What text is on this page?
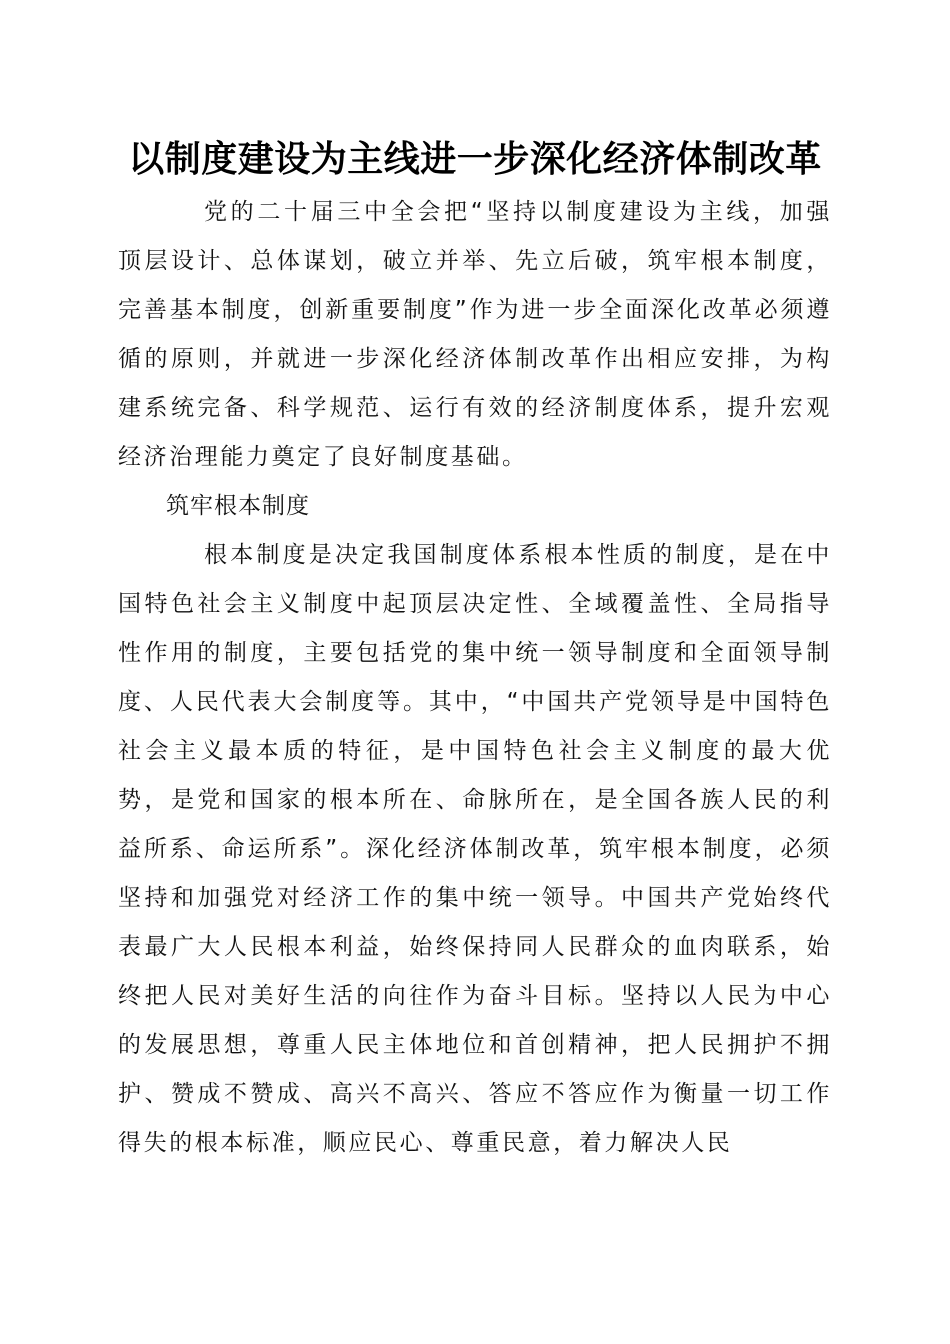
以制度建设为主线进一步深化经济体制改革

党的二十届三中全会把“坚持以制度建设为主线，加强顶层设计、总体谋划，破立并举、先立后破，筑牢根本制度，完善基本制度，创新重要制度”作为进一步全面深化改革必须遵循的原则，并就进一步深化经济体制改革作出相应安排，为构建系统完备、科学规范、运行有效的经济制度体系，提升宏观经济治理能力奠定了良好制度基础。

筑牢根本制度

根本制度是决定我国制度体系根本性质的制度，是在中国特色社会主义制度中起顶层决定性、全域覆盖性、全局指导性作用的制度，主要包括党的集中统一领导制度和全面领导制度、人民代表大会制度等。其中，“中国共产党领导是中国特色社会主义最本质的特征，是中国特色社会主义制度的最大优势，是党和国家的根本所在、命脉所在，是全国各族人民的利益所系、命运所系”。深化经济体制改革，筑牢根本制度，必须坚持和加强党对经济工作的集中统一领导。中国共产党始终代表最广大人民根本利益，始终保持同人民群众的血肉联系，始终把人民对美好生活的向往作为奋斗目标。坚持以人民为中心的发展思想，尊重人民主体地位和首创精神，把人民拥护不拥护、赞成不赞成、高兴不高兴、答应不答应作为衡量一切工作得失的根本标准，顺应民心、尊重民意，着力解决人民
